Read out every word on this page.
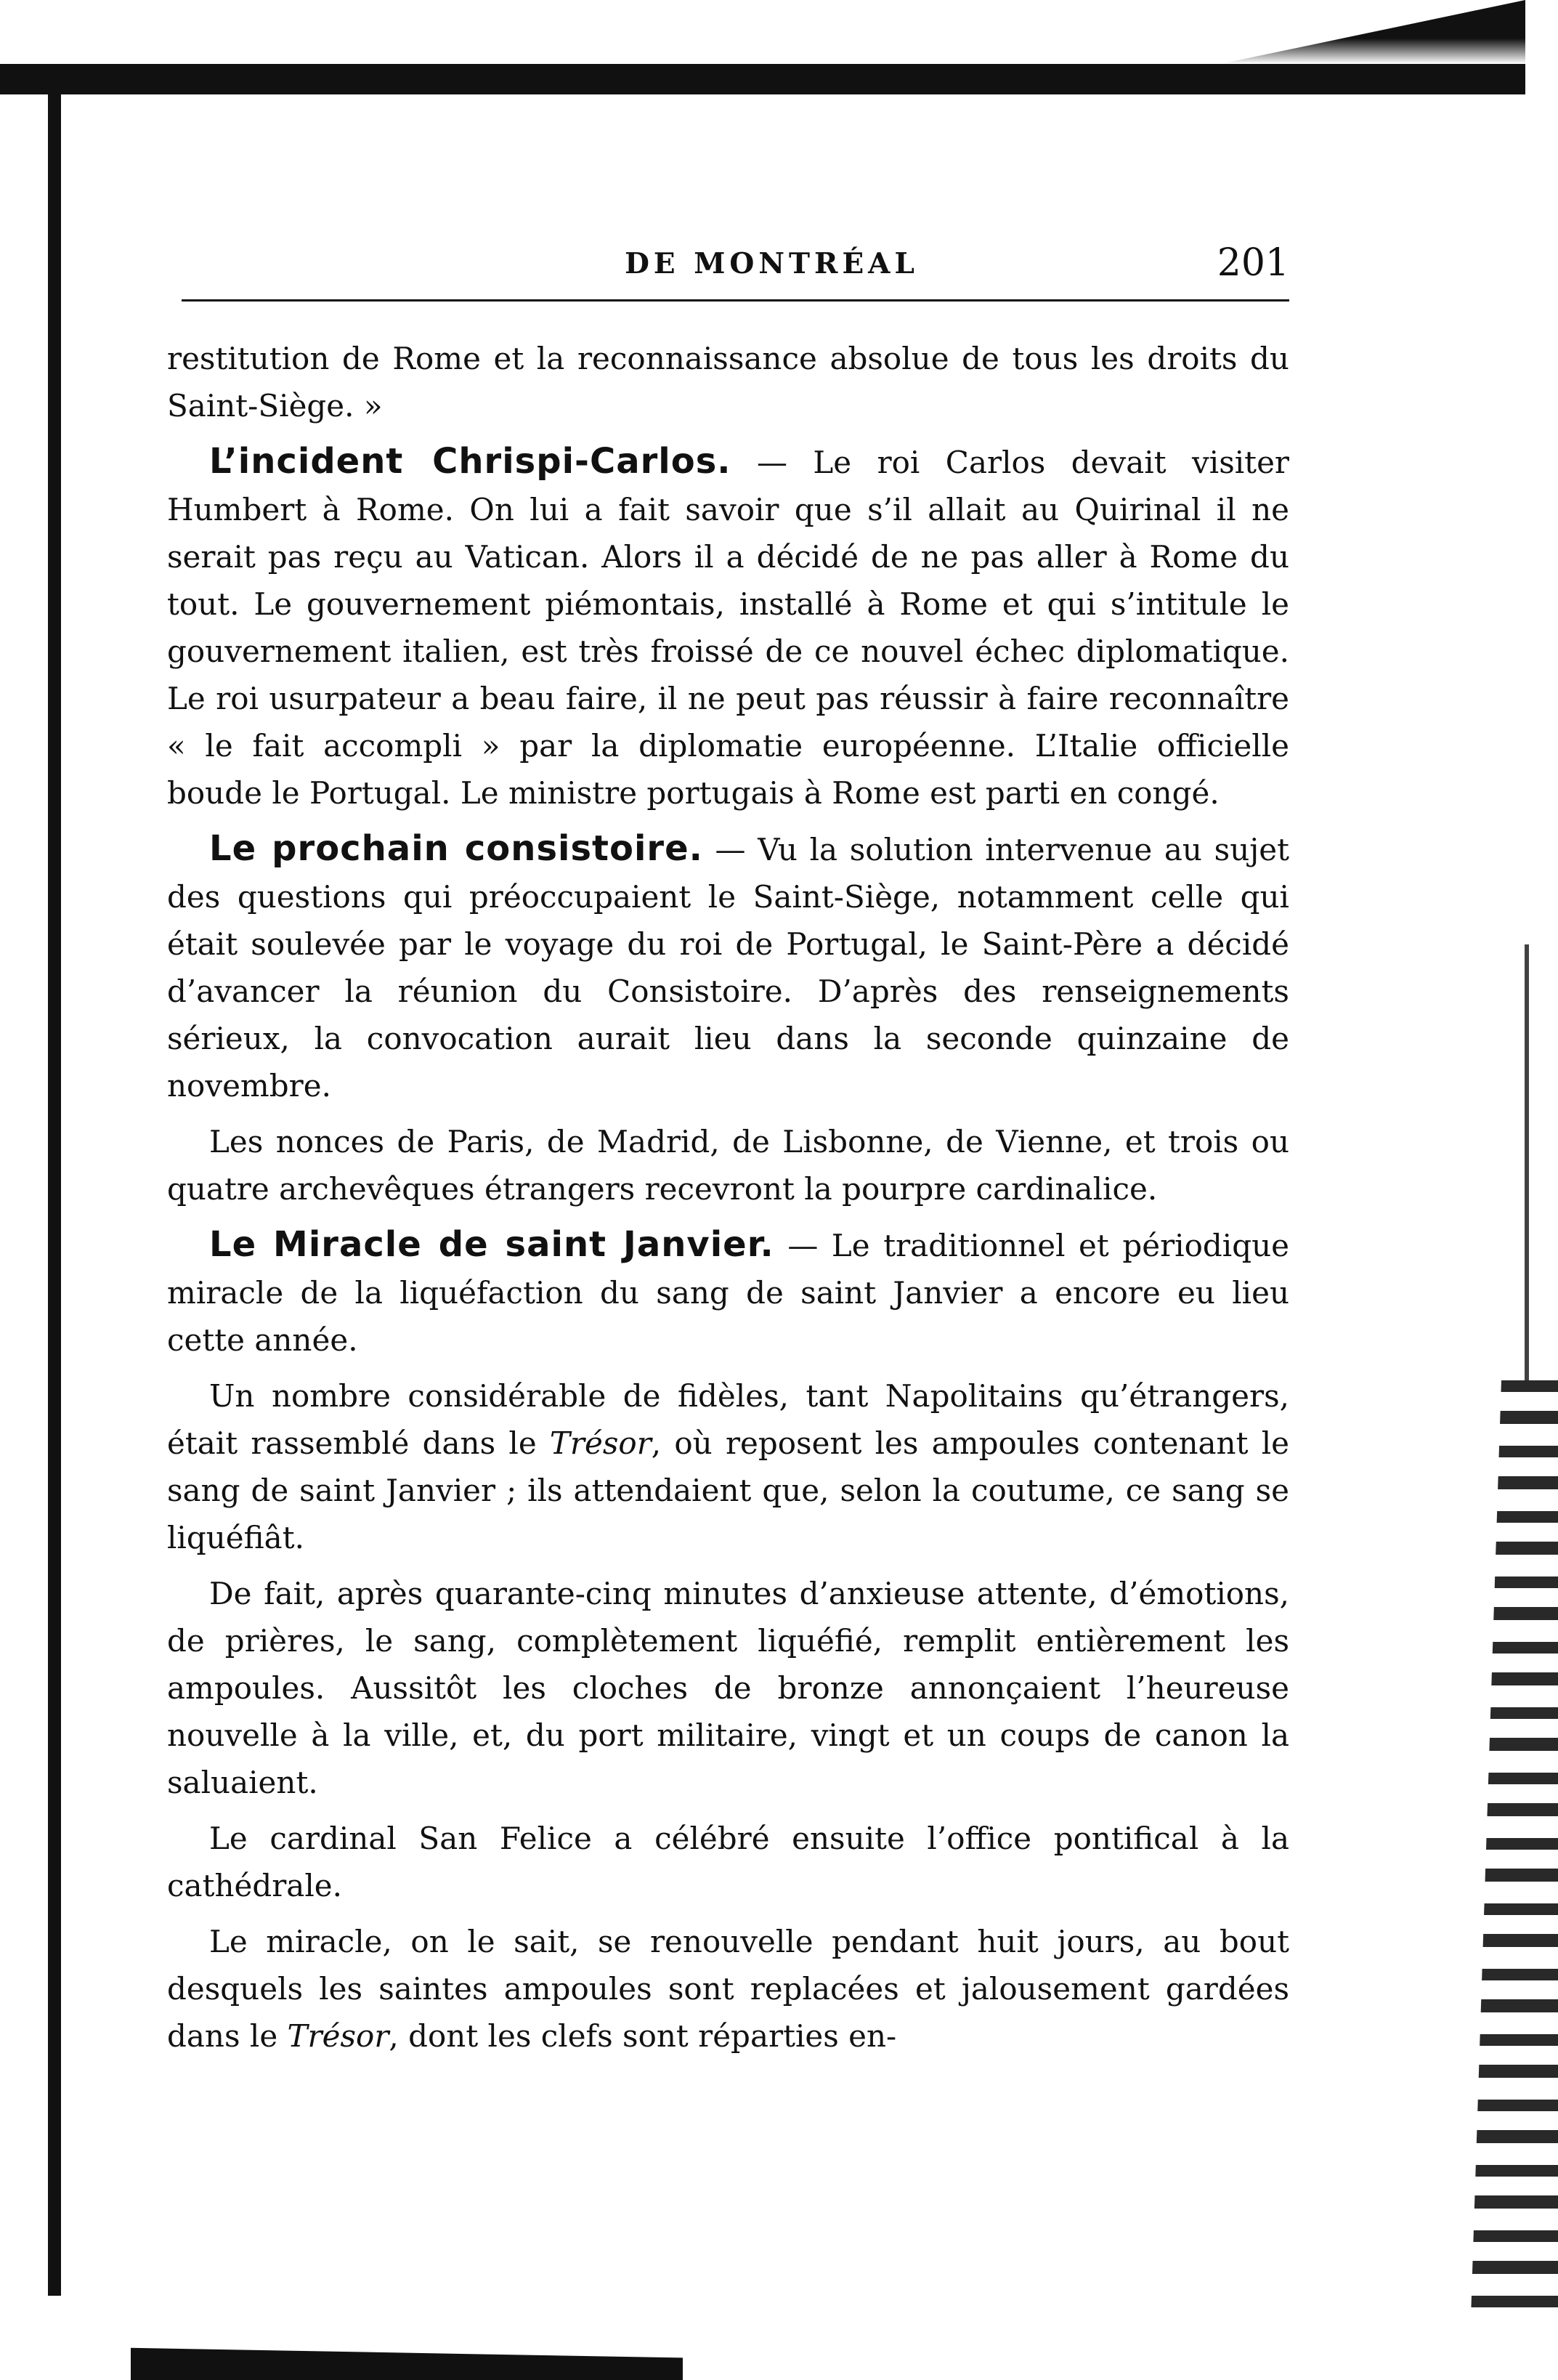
DE MONTRÉAL	201

restitution de Rome et la reconnaissance absolue de tous les droits du Saint-Siège. »

L’incident Chrispi-Carlos. — Le roi Carlos devait visiter Humbert à Rome. On lui a fait savoir que s’il allait au Quirinal il ne serait pas reçu au Vatican. Alors il a décidé de ne pas aller à Rome du tout. Le gouvernement piémontais, installé à Rome et qui s’intitule le gouvernement italien, est très froissé de ce nouvel échec diplomatique. Le roi usurpateur a beau faire, il ne peut pas réussir à faire reconnaître « le fait accompli » par la diplomatie européenne. L’Italie officielle boude le Portugal. Le ministre portugais à Rome est parti en congé.

Le prochain consistoire. — Vu la solution intervenue au sujet des questions qui préoccupaient le Saint-Siège, notamment celle qui était soulevée par le voyage du roi de Portugal, le Saint-Père a décidé d’avancer la réunion du Consistoire. D’après des renseignements sérieux, la convocation aurait lieu dans la seconde quinzaine de novembre.

Les nonces de Paris, de Madrid, de Lisbonne, de Vienne, et trois ou quatre archevêques étrangers recevront la pourpre cardinalice.

Le Miracle de saint Janvier. — Le traditionnel et périodique miracle de la liquéfaction du sang de saint Janvier a encore eu lieu cette année.

Un nombre considérable de fidèles, tant Napolitains qu’étrangers, était rassemblé dans le Trésor, où reposent les ampoules contenant le sang de saint Janvier ; ils attendaient que, selon la coutume, ce sang se liquéfiât.

De fait, après quarante-cinq minutes d’anxieuse attente, d’émotions, de prières, le sang, complètement liquéfié, remplit entièrement les ampoules. Aussitôt les cloches de bronze annonçaient l’heureuse nouvelle à la ville, et, du port militaire, vingt et un coups de canon la saluaient.

Le cardinal San Felice a célébré ensuite l’office pontifical à la cathédrale.

Le miracle, on le sait, se renouvelle pendant huit jours, au bout desquels les saintes ampoules sont replacées et jalousement gardées dans le Trésor, dont les clefs sont réparties en-
